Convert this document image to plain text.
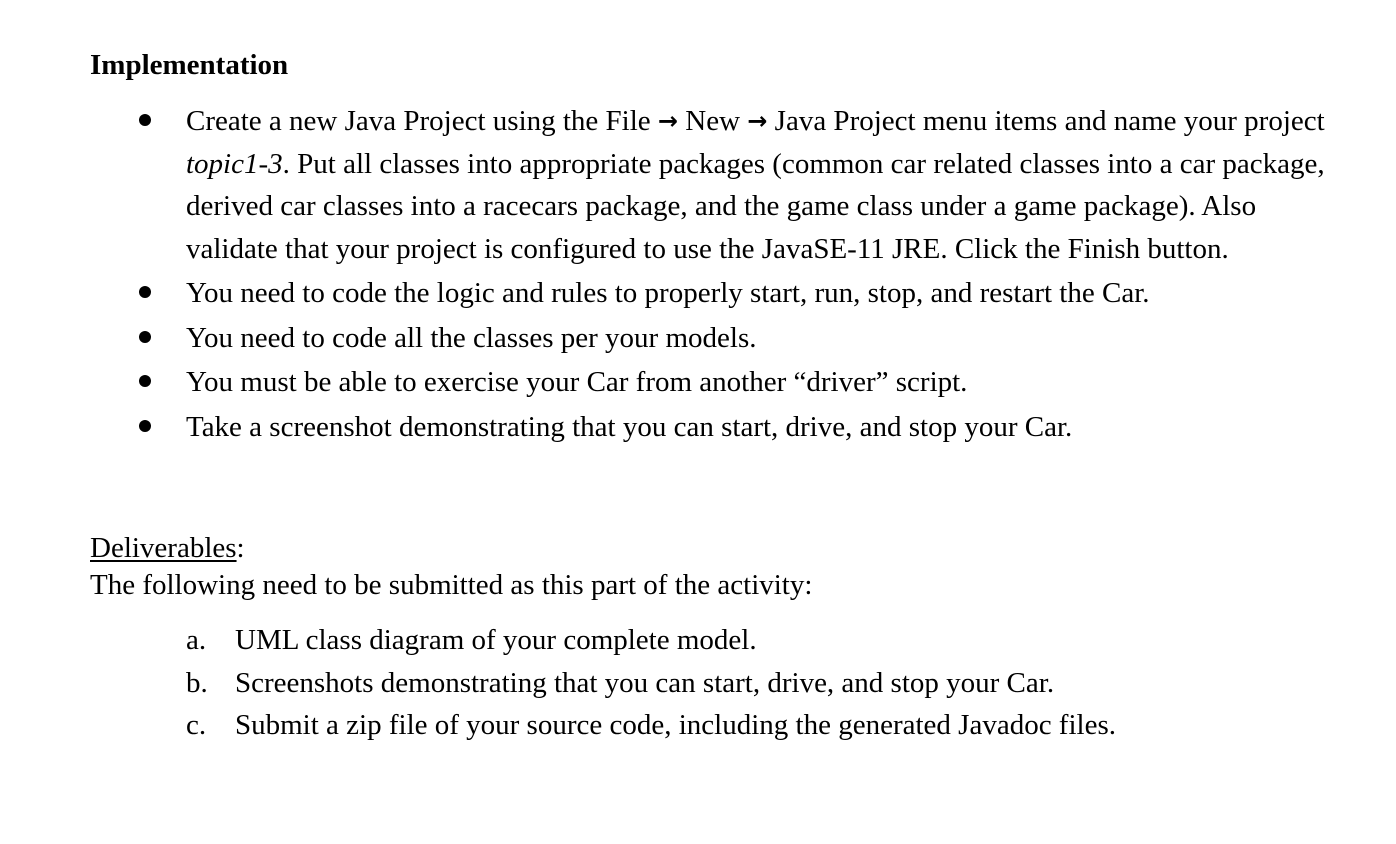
Implementation
Create a new Java Project using the File → New → Java Project menu items and name your project topic1-3. Put all classes into appropriate packages (common car related classes into a car package, derived car classes into a racecars package, and the game class under a game package). Also validate that your project is configured to use the JavaSE-11 JRE. Click the Finish button.
You need to code the logic and rules to properly start, run, stop, and restart the Car.
You need to code all the classes per your models.
You must be able to exercise your Car from another “driver” script.
Take a screenshot demonstrating that you can start, drive, and stop your Car.
Deliverables:
The following need to be submitted as this part of the activity:
a. UML class diagram of your complete model.
b. Screenshots demonstrating that you can start, drive, and stop your Car.
c. Submit a zip file of your source code, including the generated Javadoc files.
